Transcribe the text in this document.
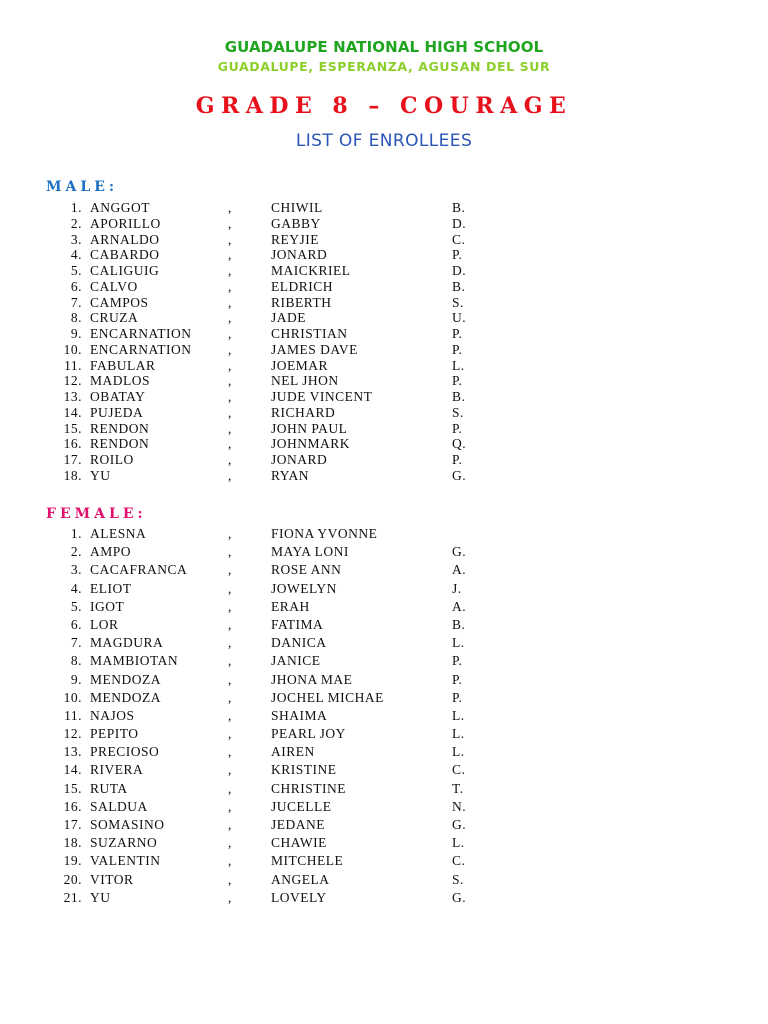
GUADALUPE NATIONAL HIGH SCHOOL
GUADALUPE, ESPERANZA, AGUSAN DEL SUR
GRADE 8 – COURAGE
LIST OF ENROLLEES
MALE:
1. ANGGOT	,	CHIWIL	B.
2. APORILLO	,	GABBY	D.
3. ARNALDO	,	REYJIE	C.
4. CABARDO	,	JONARD	P.
5. CALIGUIG	,	MAICKRIEL	D.
6. CALVO	,	ELDRICH	B.
7. CAMPOS	,	RIBERTH	S.
8. CRUZA	,	JADE	U.
9. ENCARNATION	,	CHRISTIAN	P.
10. ENCARNATION	,	JAMES DAVE	P.
11. FABULAR	,	JOEMAR	L.
12. MADLOS	,	NEL JHON	P.
13. OBATAY	,	JUDE VINCENT	B.
14. PUJEDA	,	RICHARD	S.
15. RENDON	,	JOHN PAUL	P.
16. RENDON	,	JOHNMARK	Q.
17. ROILO	,	JONARD	P.
18. YU	,	RYAN	G.
FEMALE:
1. ALESNA	,	FIONA YVONNE
2. AMPO	,	MAYA LONI	G.
3. CACAFRANCA	,	ROSE ANN	A.
4. ELIOT	,	JOWELYN	J.
5. IGOT	,	ERAH	A.
6. LOR	,	FATIMA	B.
7. MAGDURA	,	DANICA	L.
8. MAMBIOTAN	,	JANICE	P.
9. MENDOZA	,	JHONA MAE	P.
10. MENDOZA	,	JOCHEL MICHAE	P.
11. NAJOS	,	SHAIMA	L.
12. PEPITO	,	PEARL JOY	L.
13. PRECIOSO	,	AIREN	L.
14. RIVERA	,	KRISTINE	C.
15. RUTA	,	CHRISTINE	T.
16. SALDUA	,	JUCELLE	N.
17. SOMASINO	,	JEDANE	G.
18. SUZARNO	,	CHAWIE	L.
19. VALENTIN	,	MITCHELE	C.
20. VITOR	,	ANGELA	S.
21. YU	,	LOVELY	G.
